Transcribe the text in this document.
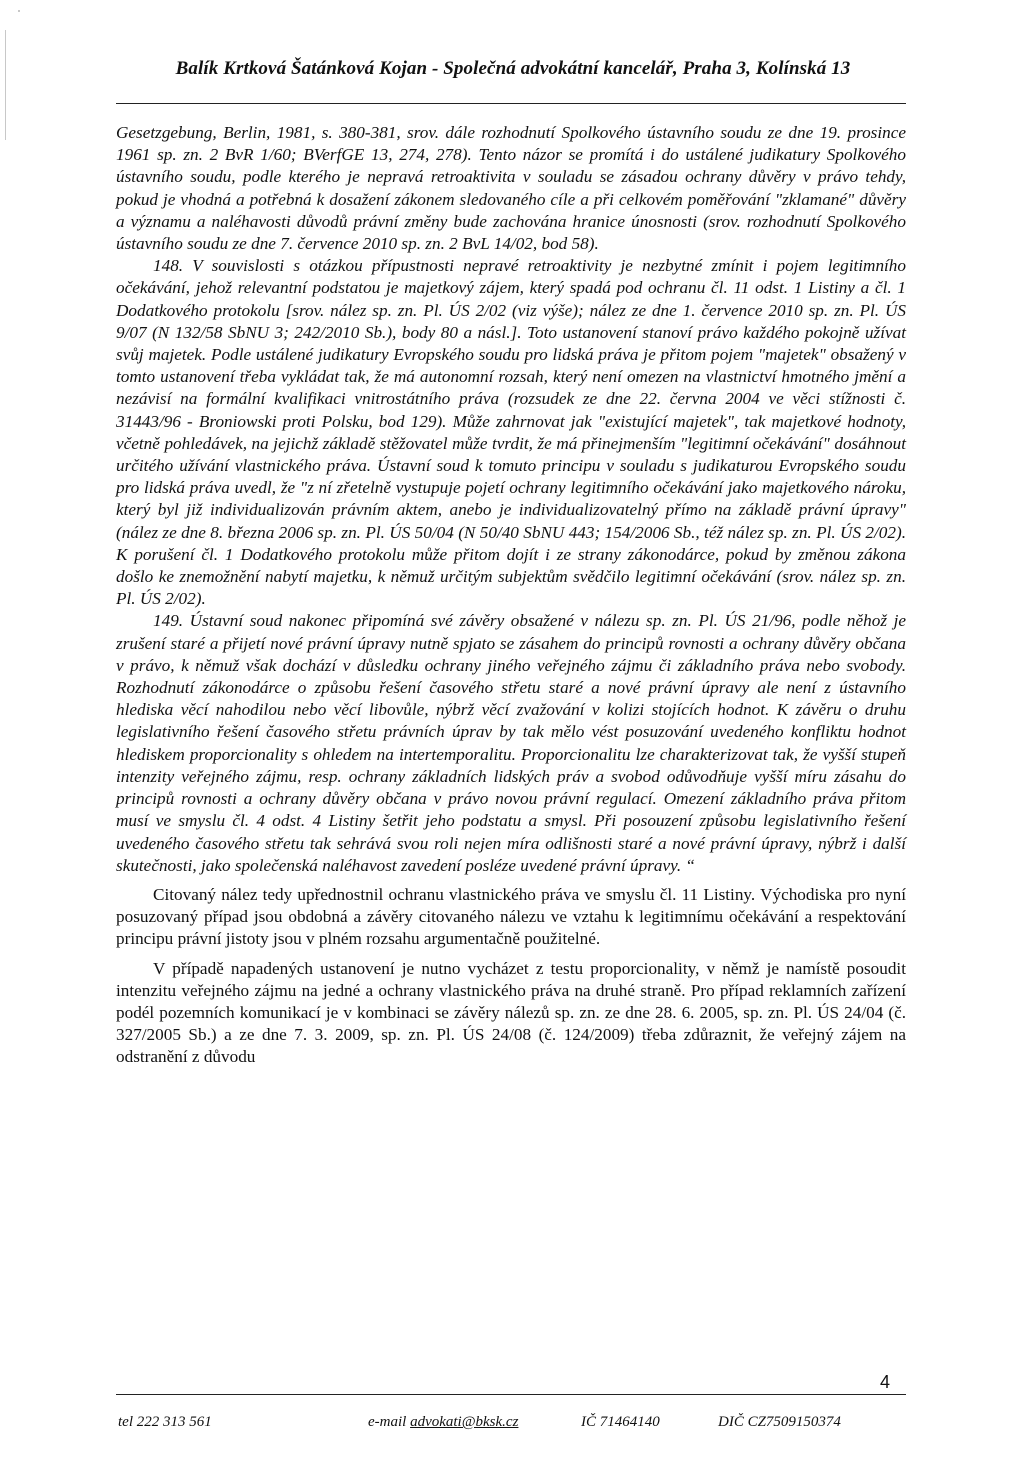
Balík Krtková Šatánková Kojan - Společná advokátní kancelář, Praha 3, Kolínská 13

Gesetzgebung, Berlin, 1981, s. 380-381, srov. dále rozhodnutí Spolkového ústavního soudu ze dne 19. prosince 1961 sp. zn. 2 BvR 1/60; BVerfGE 13, 274, 278). Tento názor se promítá i do ustálené judikatury Spolkového ústavního soudu, podle kterého je nepravá retroaktivita v souladu se zásadou ochrany důvěry v právo tehdy, pokud je vhodná a potřebná k dosažení zákonem sledovaného cíle a při celkovém poměřování "zklamané" důvěry a významu a naléhavosti důvodů právní změny bude zachována hranice únosnosti (srov. rozhodnutí Spolkového ústavního soudu ze dne 7. července 2010 sp. zn. 2 BvL 14/02, bod 58).

148. V souvislosti s otázkou přípustnosti nepravé retroaktivity je nezbytné zmínit i pojem legitimního očekávání, jehož relevantní podstatou je majetkový zájem, který spadá pod ochranu čl. 11 odst. 1 Listiny a čl. 1 Dodatkového protokolu [srov. nález sp. zn. Pl. ÚS 2/02 (viz výše); nález ze dne 1. července 2010 sp. zn. Pl. ÚS 9/07 (N 132/58 SbNU 3; 242/2010 Sb.), body 80 a násl.]. Toto ustanovení stanoví právo každého pokojně užívat svůj majetek. Podle ustálené judikatury Evropského soudu pro lidská práva je přitom pojem "majetek" obsažený v tomto ustanovení třeba vykládat tak, že má autonomní rozsah, který není omezen na vlastnictví hmotného jmění a nezávisí na formální kvalifikaci vnitrostátního práva (rozsudek ze dne 22. června 2004 ve věci stížnosti č. 31443/96 - Broniowski proti Polsku, bod 129). Může zahrnovat jak "existující majetek", tak majetkové hodnoty, včetně pohledávek, na jejichž základě stěžovatel může tvrdit, že má přinejmenším "legitimní očekávání" dosáhnout určitého užívání vlastnického práva. Ústavní soud k tomuto principu v souladu s judikaturou Evropského soudu pro lidská práva uvedl, že "z ní zřetelně vystupuje pojetí ochrany legitimního očekávání jako majetkového nároku, který byl již individualizován právním aktem, anebo je individualizovatelný přímo na základě právní úpravy" (nález ze dne 8. března 2006 sp. zn. Pl. ÚS 50/04 (N 50/40 SbNU 443; 154/2006 Sb., též nález sp. zn. Pl. ÚS 2/02). K porušení čl. 1 Dodatkového protokolu může přitom dojít i ze strany zákonodárce, pokud by změnou zákona došlo ke znemožnění nabytí majetku, k němuž určitým subjektům svědčilo legitimní očekávání (srov. nález sp. zn. Pl. ÚS 2/02).

149. Ústavní soud nakonec připomíná své závěry obsažené v nálezu sp. zn. Pl. ÚS 21/96, podle něhož je zrušení staré a přijetí nové právní úpravy nutně spjato se zásahem do principů rovnosti a ochrany důvěry občana v právo, k němuž však dochází v důsledku ochrany jiného veřejného zájmu či základního práva nebo svobody. Rozhodnutí zákonodárce o způsobu řešení časového střetu staré a nové právní úpravy ale není z ústavního hlediska věcí nahodilou nebo věcí libovůle, nýbrž věcí zvažování v kolizi stojících hodnot. K závěru o druhu legislativního řešení časového střetu právních úprav by tak mělo vést posuzování uvedeného konfliktu hodnot hlediskem proporcionality s ohledem na intertemporalitu. Proporcionalitu lze charakterizovat tak, že vyšší stupeň intenzity veřejného zájmu, resp. ochrany základních lidských práv a svobod odůvodňuje vyšší míru zásahu do principů rovnosti a ochrany důvěry občana v právo novou právní regulací. Omezení základního práva přitom musí ve smyslu čl. 4 odst. 4 Listiny šetřit jeho podstatu a smysl. Při posouzení způsobu legislativního řešení uvedeného časového střetu tak sehrává svou roli nejen míra odlišnosti staré a nové právní úpravy, nýbrž i další skutečnosti, jako společenská naléhavost zavedení posléze uvedené právní úpravy. “

Citovaný nález tedy upřednostnil ochranu vlastnického práva ve smyslu čl. 11 Listiny. Východiska pro nyní posuzovaný případ jsou obdobná a závěry citovaného nálezu ve vztahu k legitimnímu očekávání a respektování principu právní jistoty jsou v plném rozsahu argumentačně použitelné.

V případě napadených ustanovení je nutno vycházet z testu proporcionality, v němž je namístě posoudit intenzitu veřejného zájmu na jedné a ochrany vlastnického práva na druhé straně. Pro případ reklamních zařízení podél pozemních komunikací je v kombinaci se závěry nálezů sp. zn. ze dne 28. 6. 2005, sp. zn. Pl. ÚS 24/04 (č. 327/2005 Sb.) a ze dne 7. 3. 2009, sp. zn. Pl. ÚS 24/08 (č. 124/2009) třeba zdůraznit, že veřejný zájem na odstranění z důvodu

4
tel 222 313 561	e-mail advokati@bksk.cz	IČ 71464140	DIČ CZ7509150374
